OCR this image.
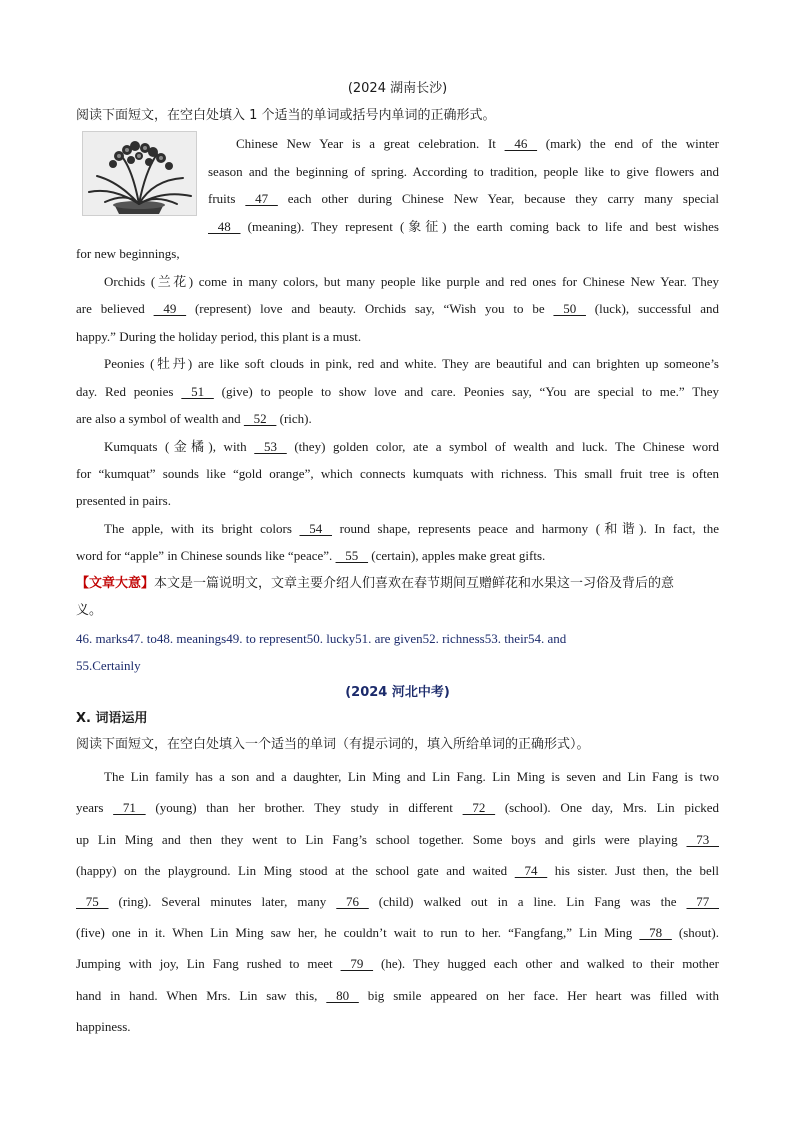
(2024 湖南长沙)
阅读下面短文，在空白处填入 1 个适当的单词或括号内单词的正确形式。
Chinese New Year is a great celebration. It    46    (mark) the end of the winter
season and the beginning of spring. According to tradition, people like to give flowers and
fruits    47    each other during Chinese New Year, because they carry many special
48    (meaning). They represent (象征) the earth coming back to life and best wishes
for new beginnings,
Orchids (兰花) come in many colors, but many people like purple and red ones for Chinese New Year. They
are believed    49    (represent) love and beauty. Orchids say, “Wish you to be    50    (luck), successful and
happy.” During the holiday period, this plant is a must.
Peonies (牡丹) are like soft clouds in pink, red and white. They are beautiful and can brighten up someone’s
day. Red peonies    51    (give) to people to show love and care. Peonies say, “You are special to me.” They
are also a symbol of wealth and    52    (rich).
Kumquats (金橘), with    53    (they) golden color, ate a symbol of wealth and luck. The Chinese word
for “kumquat” sounds like “gold orange”, which connects kumquats with richness. This small fruit tree is often
presented in pairs.
The apple, with its bright colors    54    round shape, represents peace and harmony (和谐). In fact, the
word for “apple” in Chinese sounds like “peace”.    55    (certain), apples make great gifts.
【文章大意】本文是一篇说明文，文章主要介绍人们喜欢在春节期间互赠鲜花和水果这一习俗及背后的意
义。
46. marks47. to48. meanings49. to represent50. lucky51. are given52. richness53. their54. and
55.Certainly
(2024 河北中考)
X. 词语运用
阅读下面短文，在空白处填入一个适当的单词（有提示词的，填入所给单词的正确形式）。
The Lin family has a son and a daughter, Lin Ming and Lin Fang. Lin Ming is seven and Lin Fang is two
years    71    (young) than her brother. They study in different    72    (school). One day, Mrs. Lin picked
up Lin Ming and then they went to Lin Fang’s school together. Some boys and girls were playing    73
(happy) on the playground. Lin Ming stood at the school gate and waited    74    his sister. Just then, the bell
75    (ring). Several minutes later, many    76    (child) walked out in a line. Lin Fang was the    77
(five) one in it. When Lin Ming saw her, he couldn’t wait to run to her. “Fangfang,” Lin Ming    78    (shout).
Jumping with joy, Lin Fang rushed to meet    79    (he). They hugged each other and walked to their mother
hand in hand. When Mrs. Lin saw this,    80    big smile appeared on her face. Her heart was filled with
happiness.
